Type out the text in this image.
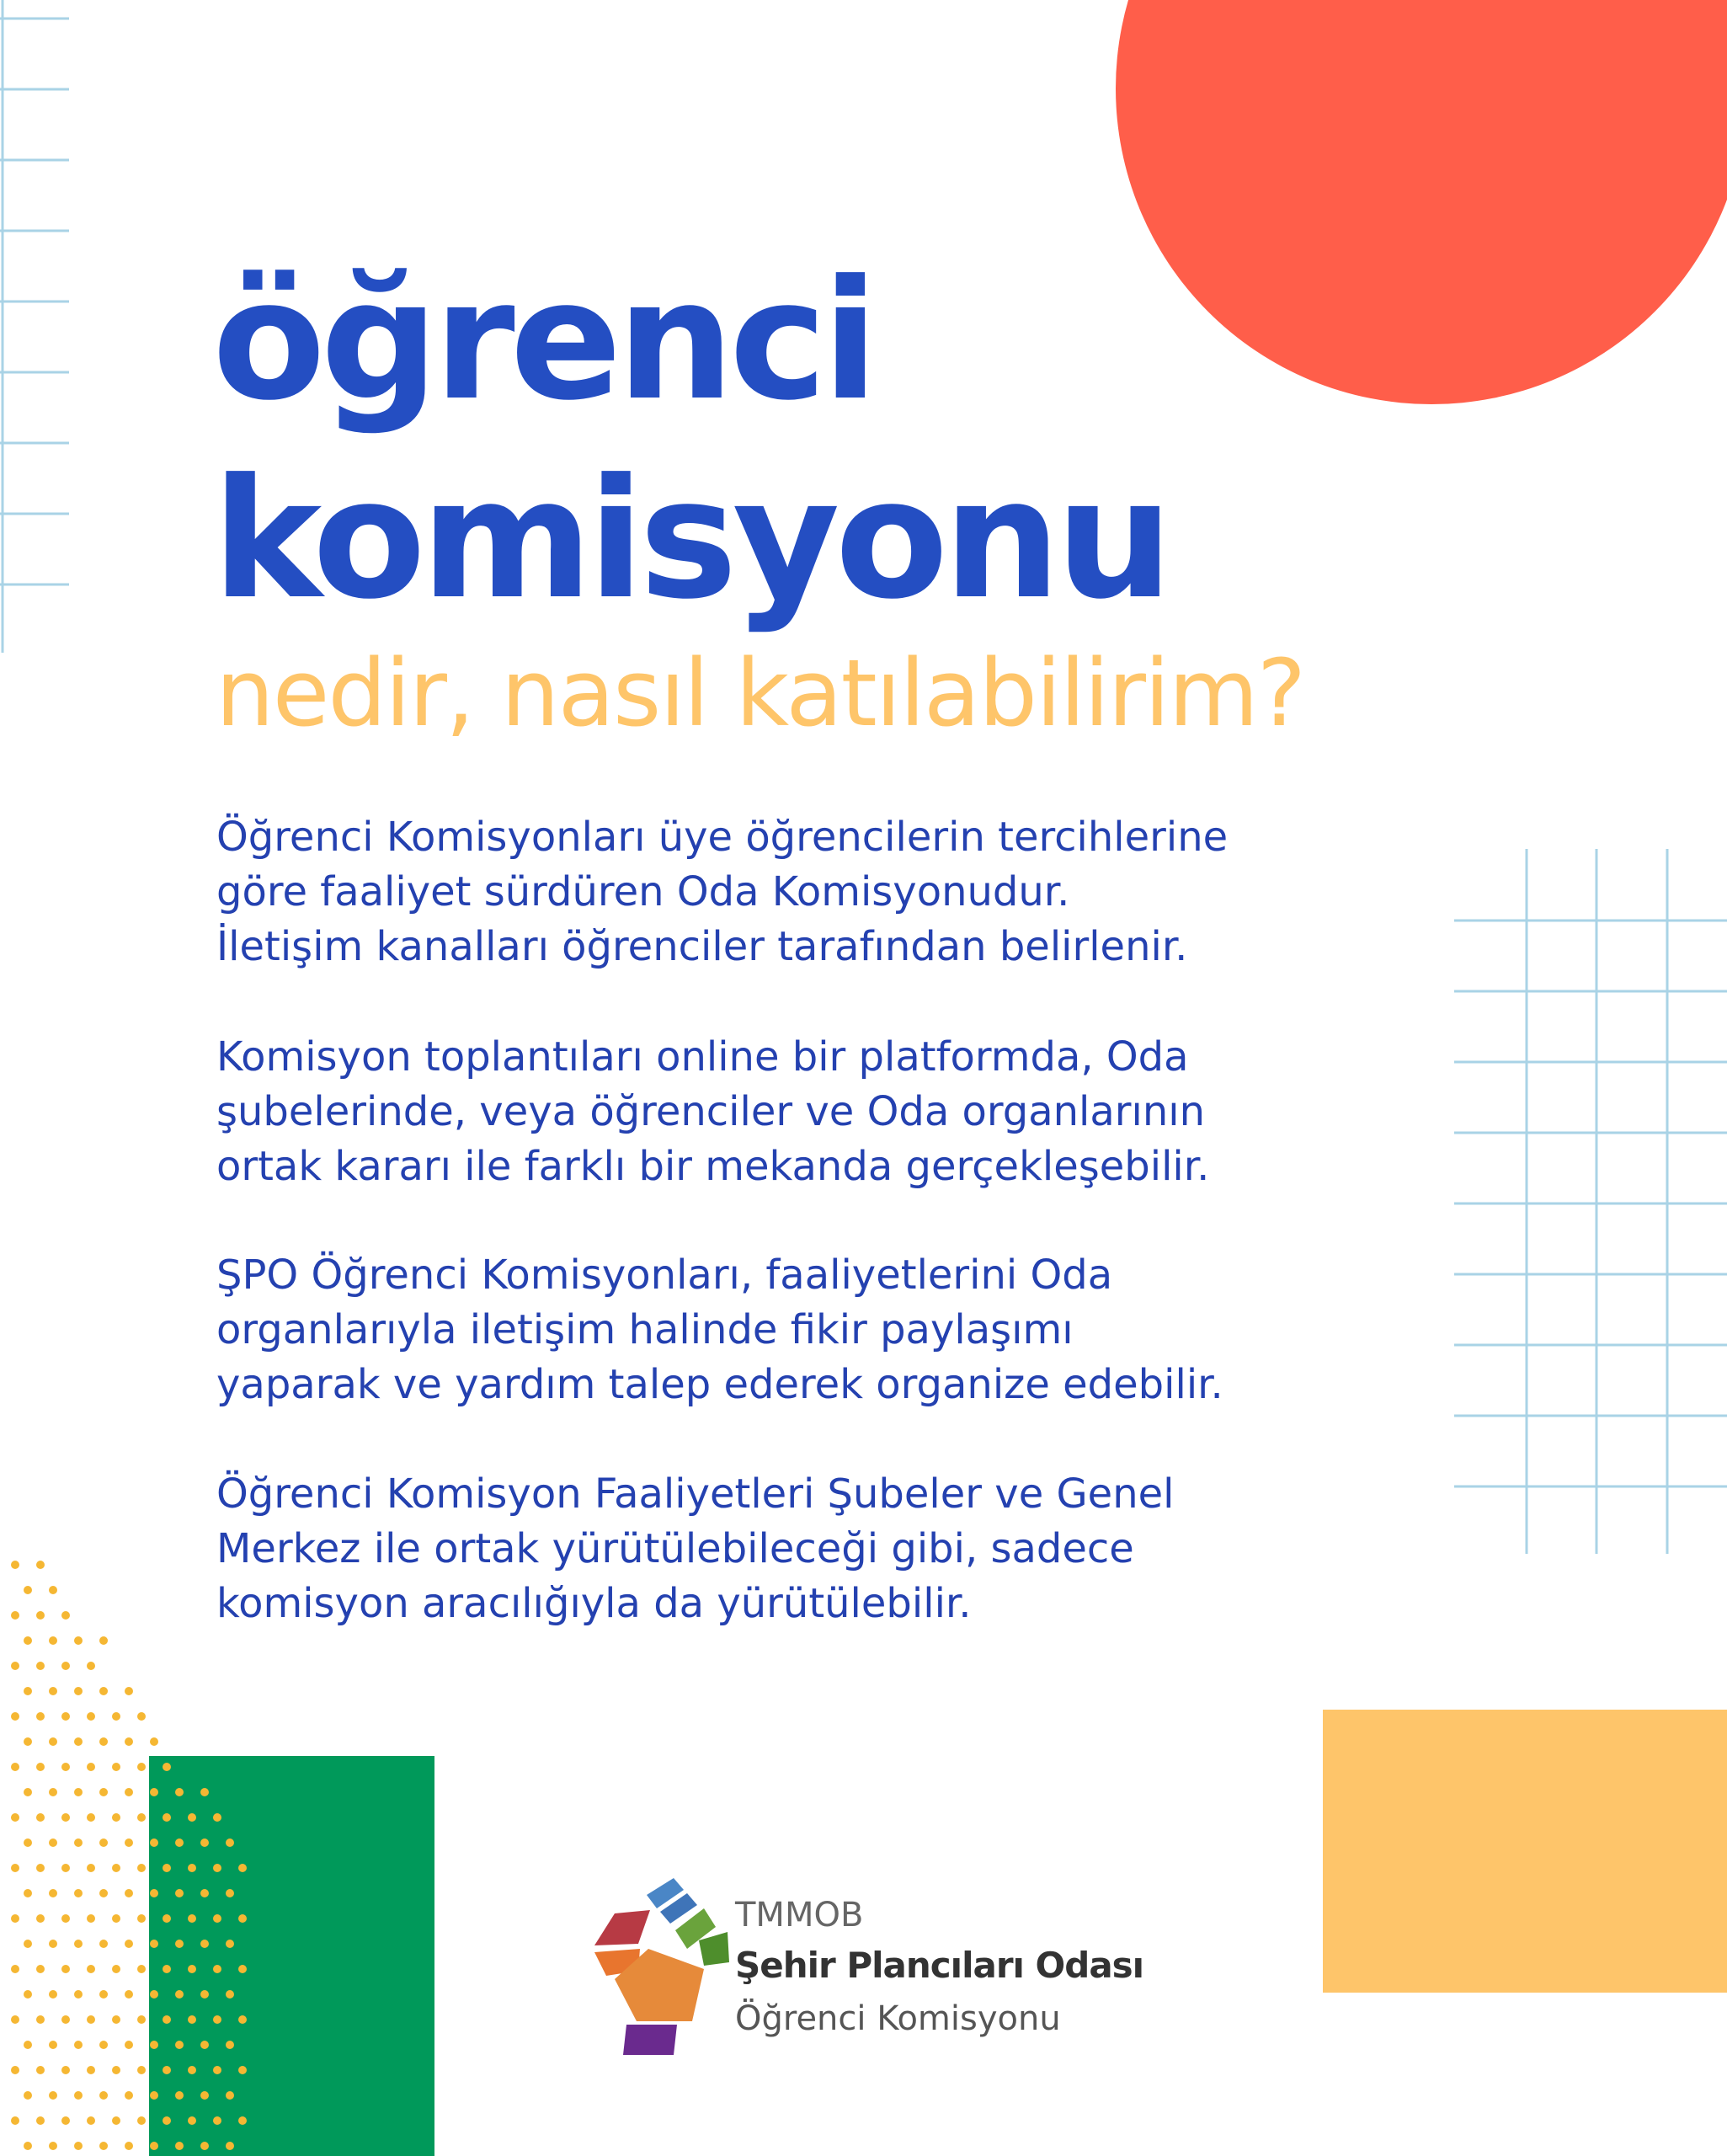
öğrenci
komisyonu
nedir, nasıl katılabilirim?
Öğrenci Komisyonları üye öğrencilerin tercihlerine
göre faaliyet sürdüren Oda Komisyonudur.
İletişim kanalları öğrenciler tarafından belirlenir.
Komisyon toplantıları online bir platformda, Oda
şubelerinde, veya öğrenciler ve Oda organlarının
ortak kararı ile farklı bir mekanda gerçekleşebilir.
ŞPO Öğrenci Komisyonları, faaliyetlerini Oda
organlarıyla iletişim halinde fikir paylaşımı
yaparak ve yardım talep ederek organize edebilir.
Öğrenci Komisyon Faaliyetleri Şubeler ve Genel
Merkez ile ortak yürütülebileceği gibi, sadece
komisyon aracılığıyla da yürütülebilir.
TMMOB
Şehir Plancıları Odası
Öğrenci Komisyonu
